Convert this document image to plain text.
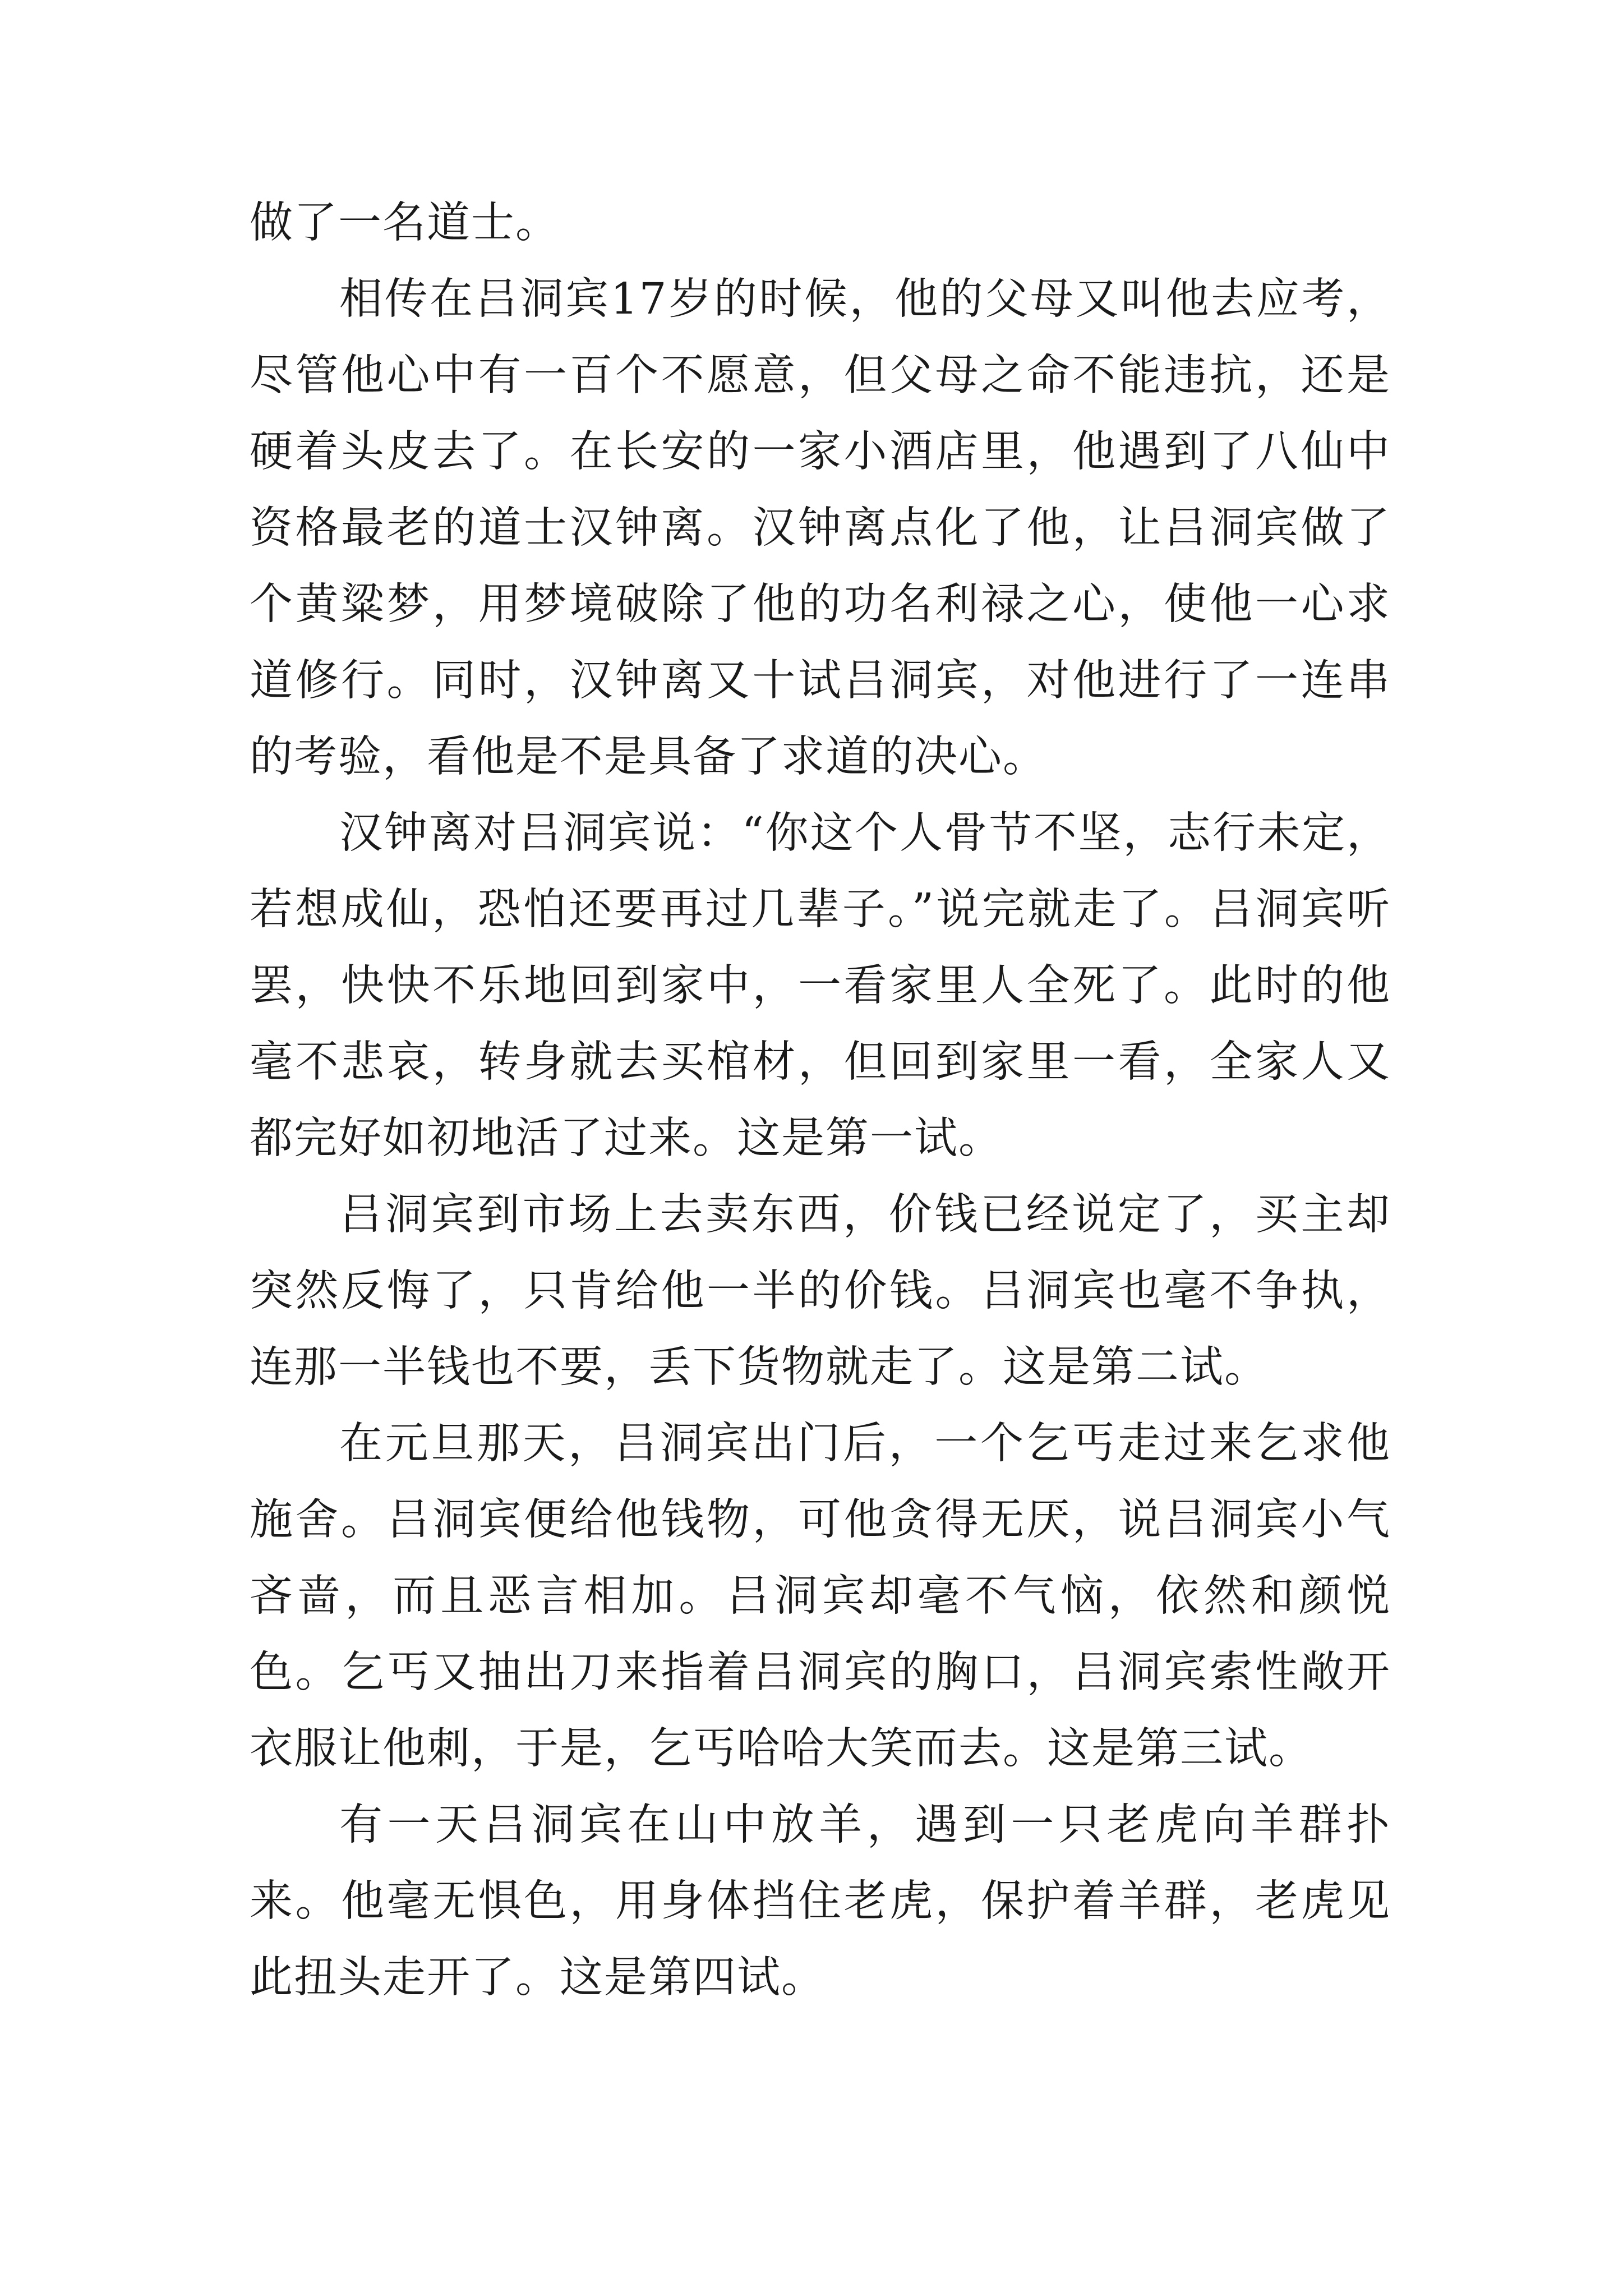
做了一名道士。

相传在吕洞宾17岁的时候，他的父母又叫他去应考，尽管他心中有一百个不愿意，但父母之命不能违抗，还是硬着头皮去了。在长安的一家小酒店里，他遇到了八仙中资格最老的道士汉钟离。汉钟离点化了他，让吕洞宾做了个黄粱梦，用梦境破除了他的功名利禄之心，使他一心求道修行。同时，汉钟离又十试吕洞宾，对他进行了一连串的考验，看他是不是具备了求道的决心。

汉钟离对吕洞宾说：“你这个人骨节不坚，志行未定，若想成仙，恐怕还要再过几辈子。”说完就走了。吕洞宾听罢，快快不乐地回到家中，一看家里人全死了。此时的他毫不悲哀，转身就去买棺材，但回到家里一看，全家人又都完好如初地活了过来。这是第一试。

吕洞宾到市场上去卖东西，价钱已经说定了，买主却突然反悔了，只肯给他一半的价钱。吕洞宾也毫不争执，连那一半钱也不要，丢下货物就走了。这是第二试。

在元旦那天，吕洞宾出门后，一个乞丐走过来乞求他施舍。吕洞宾便给他钱物，可他贪得无厌，说吕洞宾小气吝啬，而且恶言相加。吕洞宾却毫不气恼，依然和颜悦色。乞丐又抽出刀来指着吕洞宾的胸口，吕洞宾索性敞开衣服让他刺，于是，乞丐哈哈大笑而去。这是第三试。

有一天吕洞宾在山中放羊，遇到一只老虎向羊群扑来。他毫无惧色，用身体挡住老虎，保护着羊群，老虎见此扭头走开了。这是第四试。
